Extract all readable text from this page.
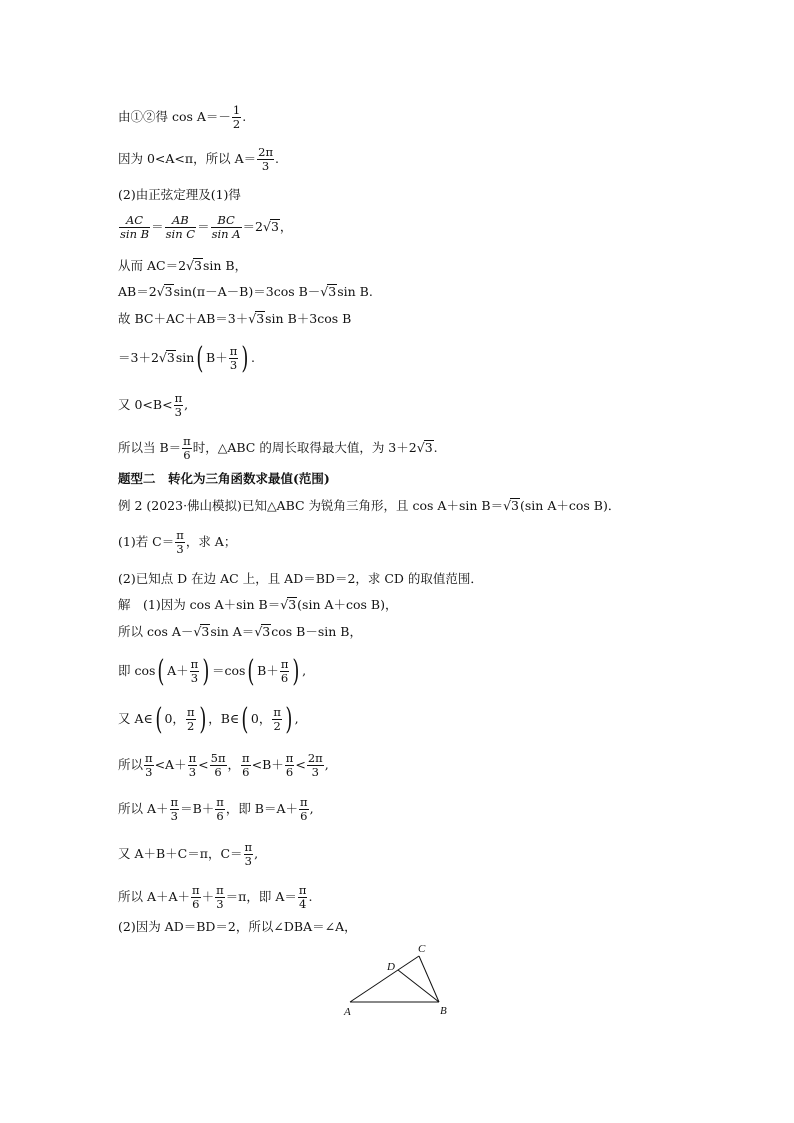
由①②得 $\cos A=- \frac{1}{2}$ .
因为 0<A<π，所以 $A= \frac{2\pi}{3}$ .
(2)由正弦定理及(1)得
$\frac{AC}{\text{sin B}} = \frac{AB}{\text{sin C}} = \frac{BC}{\text{sin A}} =2√3$，
从而 AC＝2√3sin B，
AB＝2√3sin(π－A－B)＝3cos B－√3sin B.
故 BC＋AC＋AB＝3＋√3sin B＋3cos B
＝3＋2√3sin( $B+ \frac{\pi}{3}$ ) .
又 $0<B< \frac{\pi}{3}$ ,
所以当 $B= \frac{\pi}{6}$ 时，△ABC 的周长取得最大值，为 3＋2√3.
题型二　转化为三角函数求最值(范围)
例 2 (2023·佛山模拟)已知△ABC 为锐角三角形，且 cos A＋sin B＝√3(sin A＋cos B)．
(1)若 $C= \frac{\pi}{3}$ ，求 A；
(2)已知点 D 在边 AC 上，且 AD＝BD＝2，求 CD 的取值范围．
解　(1)因为 cos A＋sin B＝√3(sin A＋cos B)，
所以 cos A－√3sin A＝√3cos B－sin B，
即 cos( $A+ \frac{\pi}{3}$ ) ＝cos( $B+ \frac{\pi}{6}$ ) ,
又 A∈( 0， $\frac{\pi}{2}$ ) ，B∈( 0， $\frac{\pi}{2}$ ) ,
所以 $\frac{\pi}{3} <A+ \frac{\pi}{3} < \frac{5\pi}{6}$ ， $\frac{\pi}{6} <B+ \frac{\pi}{6} < \frac{2\pi}{3}$ ,
所以 $A+ \frac{\pi}{3} =B+ \frac{\pi}{6}$ ，即 $B=A+ \frac{\pi}{6}$ ,
又 A＋B＋C＝π，$C= \frac{\pi}{3}$ ,
所以 $A+A+ \frac{\pi}{6} + \frac{\pi}{3} =\pi$，即 $A= \frac{\pi}{4}$ .
(2)因为 AD＝BD＝2，所以∠DBA＝∠A，
A	B
C
D
